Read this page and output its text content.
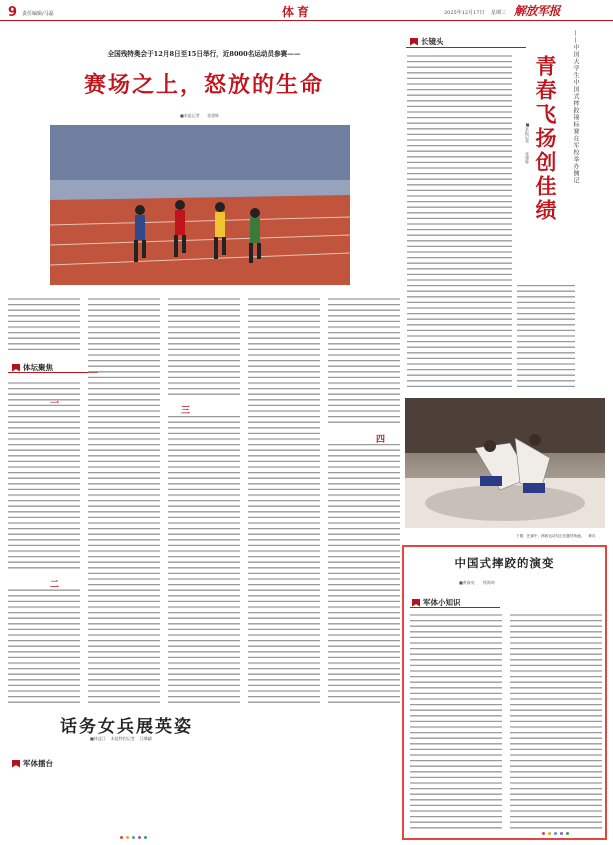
9 责任编辑/马磊	体育	2025年12月17日 星期三 解放军报
全国残特奥会于12月8日至15日举行，近8000名运动员参赛——
赛场之上，怒放的生命
■本报记者 张建辉
体坛聚焦
一
二
三
四
话务女兵展英姿
■林益江 本报特约记者 汪肇翩
军体擂台
长镜头
青春飞扬创佳绩	——中国大学生中国式摔跤锦标赛在军校举办侧记
■本报记者 张建辉
下图：比赛中，摔跤运动员正在激烈角逐。 黄宾
中国式摔跤的演变
■黄森亮 徐海坤
军体小知识
